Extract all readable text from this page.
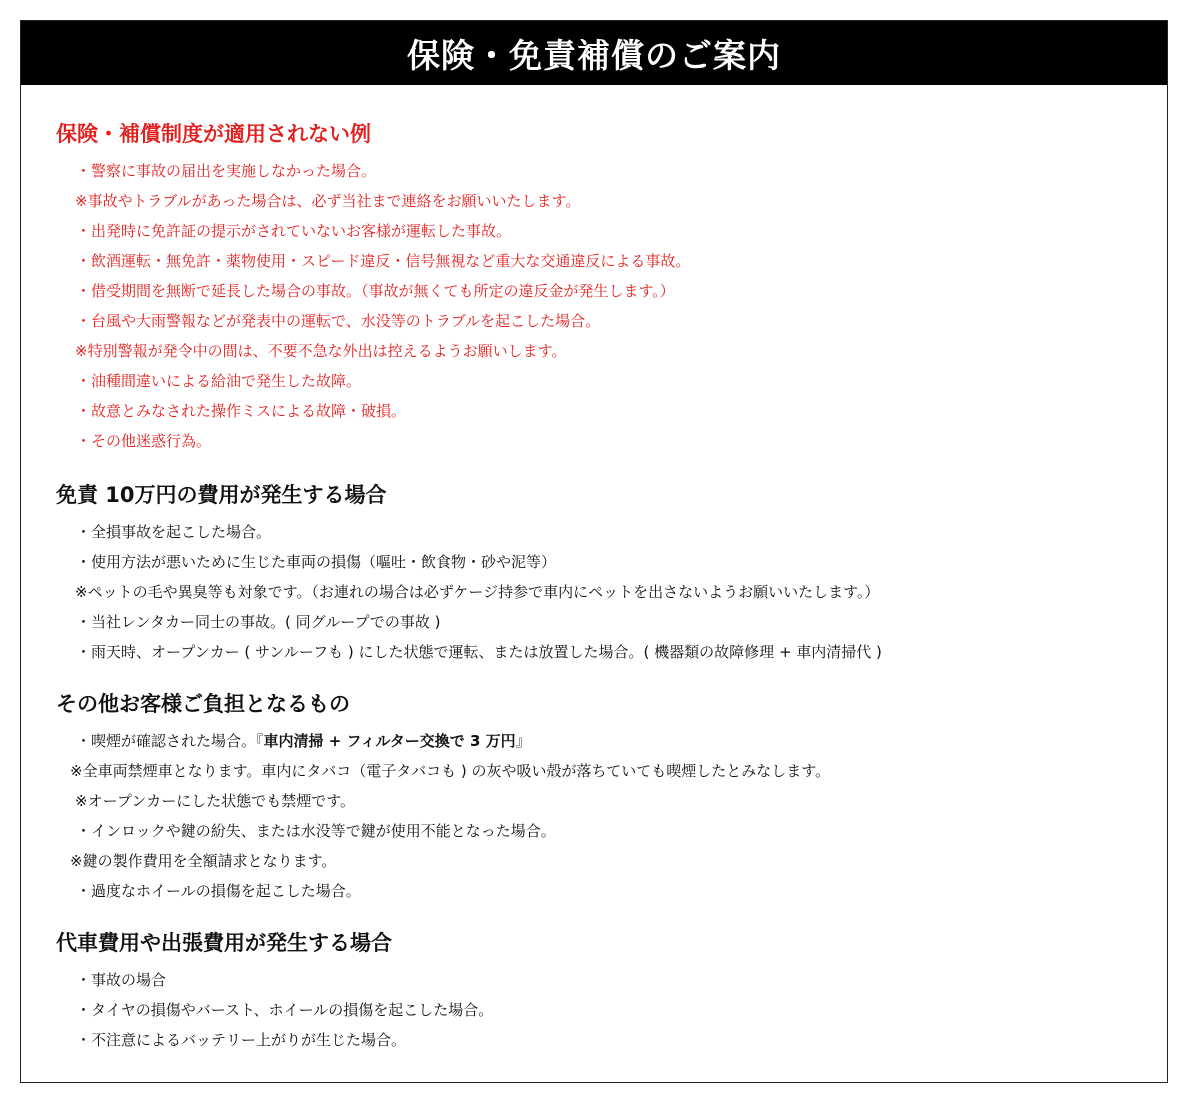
保険・免責補償のご案内
保険・補償制度が適用されない例
・警察に事故の届出を実施しなかった場合。
※事故やトラブルがあった場合は、必ず当社まで連絡をお願いいたします。
・出発時に免許証の提示がされていないお客様が運転した事故。
・飲酒運転・無免許・薬物使用・スピード違反・信号無視など重大な交通違反による事故。
・借受期間を無断で延長した場合の事故。（事故が無くても所定の違反金が発生します。）
・台風や大雨警報などが発表中の運転で、水没等のトラブルを起こした場合。
※特別警報が発令中の間は、不要不急な外出は控えるようお願いします。
・油種間違いによる給油で発生した故障。
・故意とみなされた操作ミスによる故障・破損。
・その他迷惑行為。
免責 10万円の費用が発生する場合
・全損事故を起こした場合。
・使用方法が悪いために生じた車両の損傷（嘔吐・飲食物・砂や泥等）
※ペットの毛や異臭等も対象です。（お連れの場合は必ずケージ持参で車内にペットを出さないようお願いいたします。）
・当社レンタカー同士の事故。( 同グループでの事故 )
・雨天時、オープンカー ( サンルーフも ) にした状態で運転、または放置した場合。( 機器類の故障修理 + 車内清掃代 )
その他お客様ご負担となるもの
・喫煙が確認された場合。『車内清掃 + フィルター交換で 3 万円』
※全車両禁煙車となります。車内にタバコ（電子タバコも ) の灰や吸い殻が落ちていても喫煙したとみなします。
※オープンカーにした状態でも禁煙です。
・インロックや鍵の紛失、または水没等で鍵が使用不能となった場合。
※鍵の製作費用を全額請求となります。
・過度なホイールの損傷を起こした場合。
代車費用や出張費用が発生する場合
・事故の場合
・タイヤの損傷やバースト、ホイールの損傷を起こした場合。
・不注意によるバッテリー上がりが生じた場合。
